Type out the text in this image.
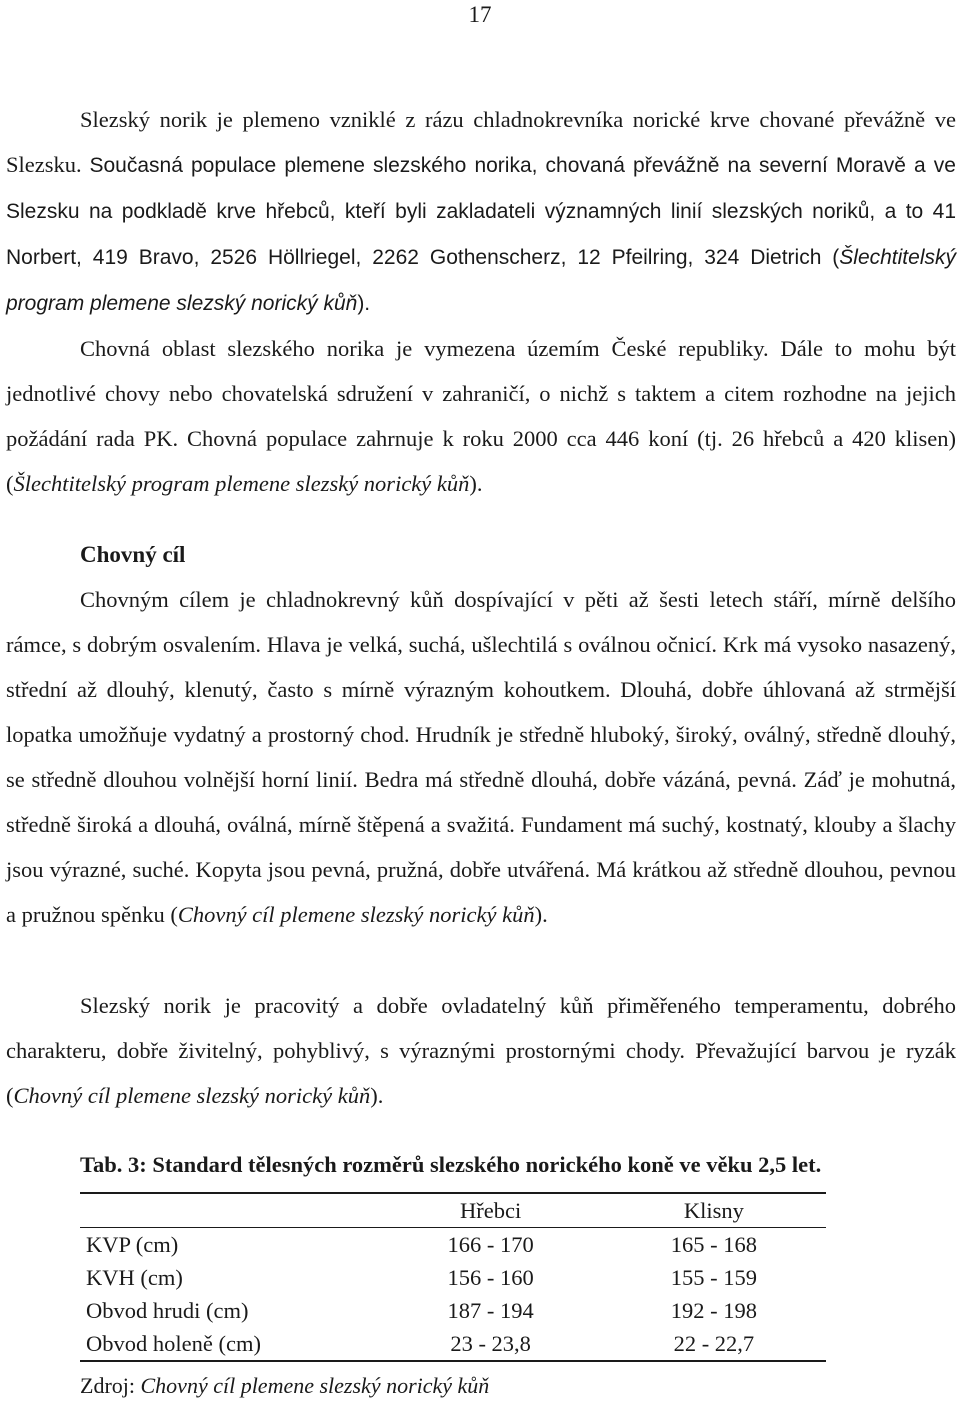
17

Slezský norik je plemeno vzniklé z rázu chladnokrevníka norické krve chované převážně ve Slezsku. Současná populace plemene slezského norika, chovaná převážně na severní Moravě a ve Slezsku na podkladě krve hřebců, kteří byli zakladateli významných linií slezských noriků, a to 41 Norbert, 419 Bravo, 2526 Höllriegel, 2262 Gothenscherz, 12 Pfeilring, 324 Dietrich (Šlechtitelský program plemene slezský norický kůň).

Chovná oblast slezského norika je vymezena územím České republiky. Dále to mohu být jednotlivé chovy nebo chovatelská sdružení v zahraničí, o nichž s taktem a citem rozhodne na jejich požádání rada PK. Chovná populace zahrnuje k roku 2000 cca 446 koní (tj. 26 hřebců a 420 klisen) (Šlechtitelský program plemene slezský norický kůň).

Chovný cíl

Chovným cílem je chladnokrevný kůň dospívající v pěti až šesti letech stáří, mírně delšího rámce, s dobrým osvalením. Hlava je velká, suchá, ušlechtilá s oválnou očnicí. Krk má vysoko nasazený, střední až dlouhý, klenutý, často s mírně výrazným kohoutkem. Dlouhá, dobře úhlovaná až strmější lopatka umožňuje vydatný a prostorný chod. Hrudník je středně hluboký, široký, oválný, středně dlouhý, se středně dlouhou volnější horní linií. Bedra má středně dlouhá, dobře vázáná, pevná. Záď je mohutná, středně široká a dlouhá, oválná, mírně štěpená a svažitá. Fundament má suchý, kostnatý, klouby a šlachy jsou výrazné, suché. Kopyta jsou pevná, pružná, dobře utvářená. Má krátkou až středně dlouhou, pevnou a pružnou spěnku (Chovný cíl plemene slezský norický kůň).

Slezský norik je pracovitý a dobře ovladatelný kůň přiměřeného temperamentu, dobrého charakteru, dobře živitelný, pohyblivý, s výraznými prostornými chody. Převažující barvou je ryzák (Chovný cíl plemene slezský norický kůň).

Tab. 3: Standard tělesných rozměrů slezského norického koně ve věku 2,5 let.

	Hřebci	Klisny
KVP (cm)	166 - 170	165 - 168
KVH (cm)	156 - 160	155 - 159
Obvod hrudi (cm)	187 - 194	192 - 198
Obvod holeně (cm)	23 - 23,8	22 - 22,7

Zdroj: Chovný cíl plemene slezský norický kůň
